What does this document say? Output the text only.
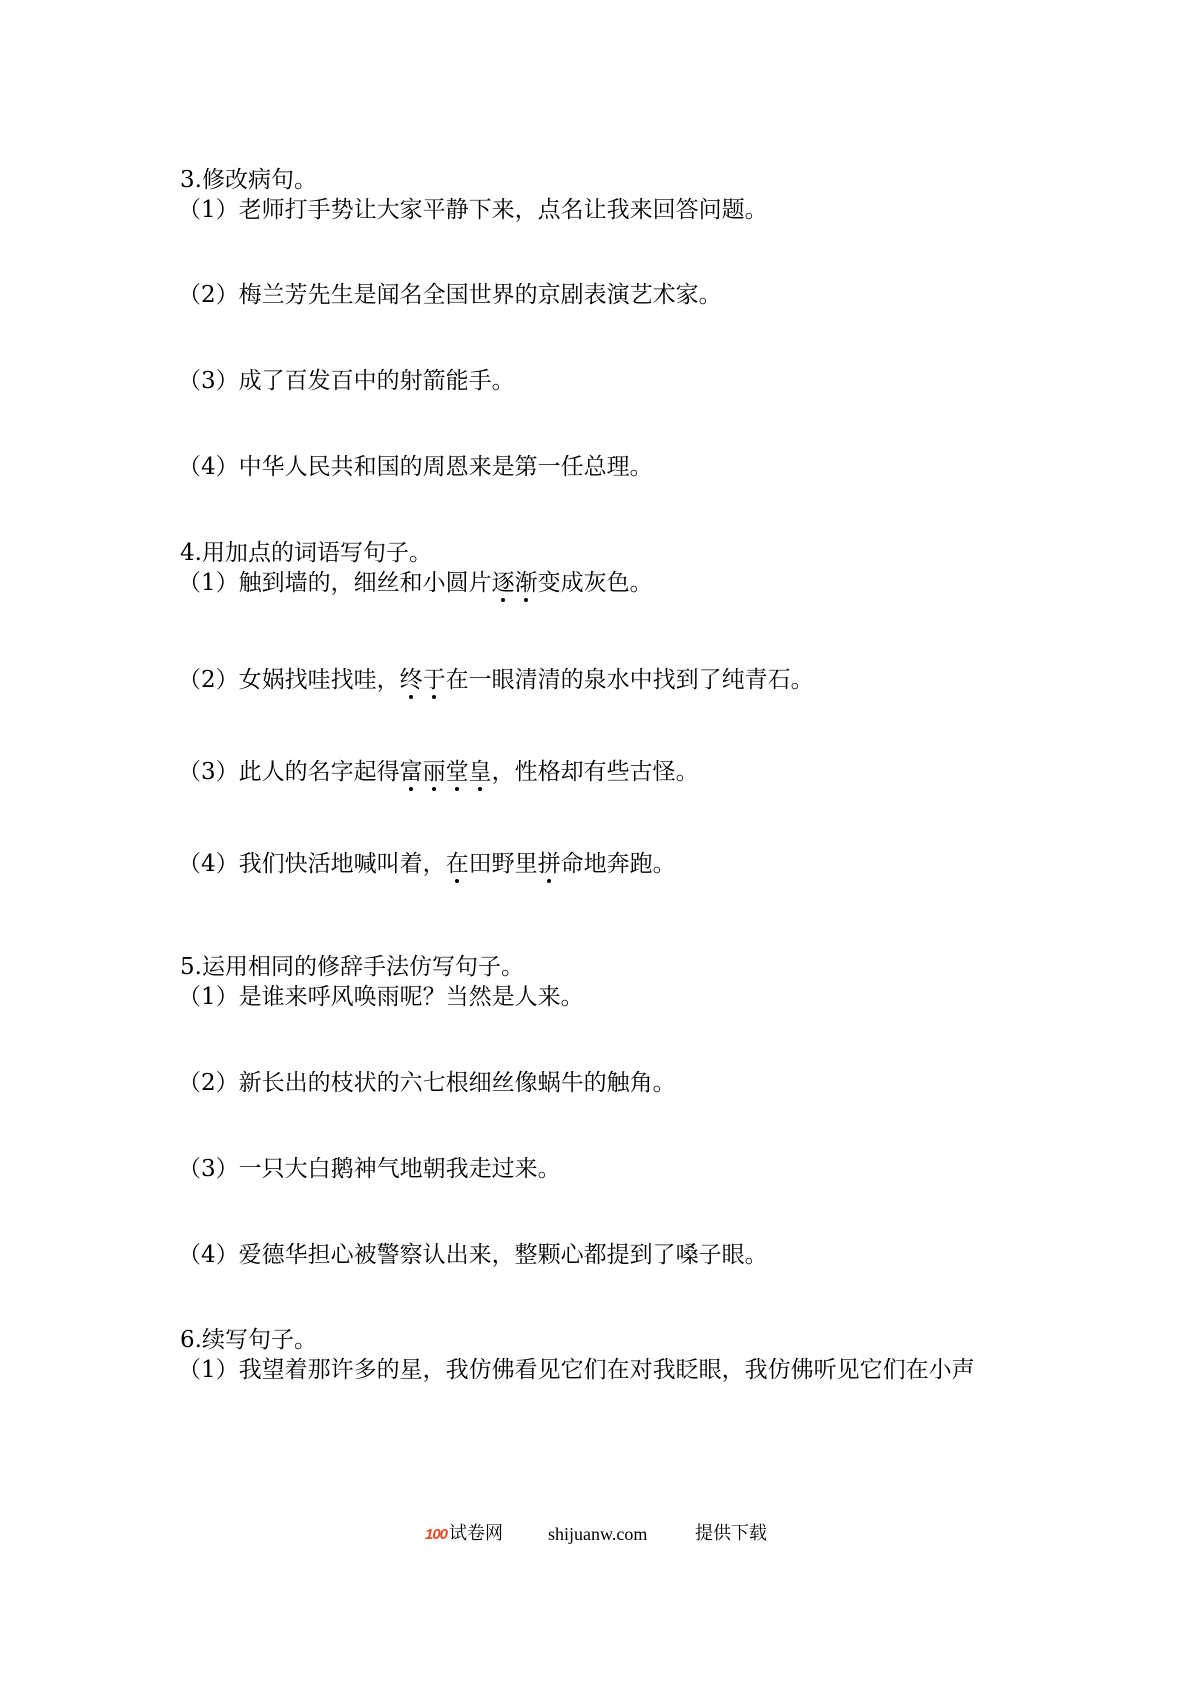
3.修改病句。

（1）老师打手势让大家平静下来，点名让我来回答问题。

（2）梅兰芳先生是闻名全国世界的京剧表演艺术家。

（3）成了百发百中的射箭能手。

（4）中华人民共和国的周恩来是第一任总理。

4.用加点的词语写句子。

（1）触到墙的，细丝和小圆片逐渐变成灰色。

（2）女娲找哇找哇，终于在一眼清清的泉水中找到了纯青石。

（3）此人的名字起得富丽堂皇，性格却有些古怪。

（4）我们快活地喊叫着，在田野里拼命地奔跑。

5.运用相同的修辞手法仿写句子。

（1）是谁来呼风唤雨呢？当然是人来。

（2）新长出的枝状的六七根细丝像蜗牛的触角。

（3）一只大白鹅神气地朝我走过来。

（4）爱德华担心被警察认出来，整颗心都提到了嗓子眼。

6.续写句子。

（1）我望着那许多的星，我仿佛看见它们在对我眨眼，我仿佛听见它们在小声

100 试卷网 shijuanw.com	提供下载
